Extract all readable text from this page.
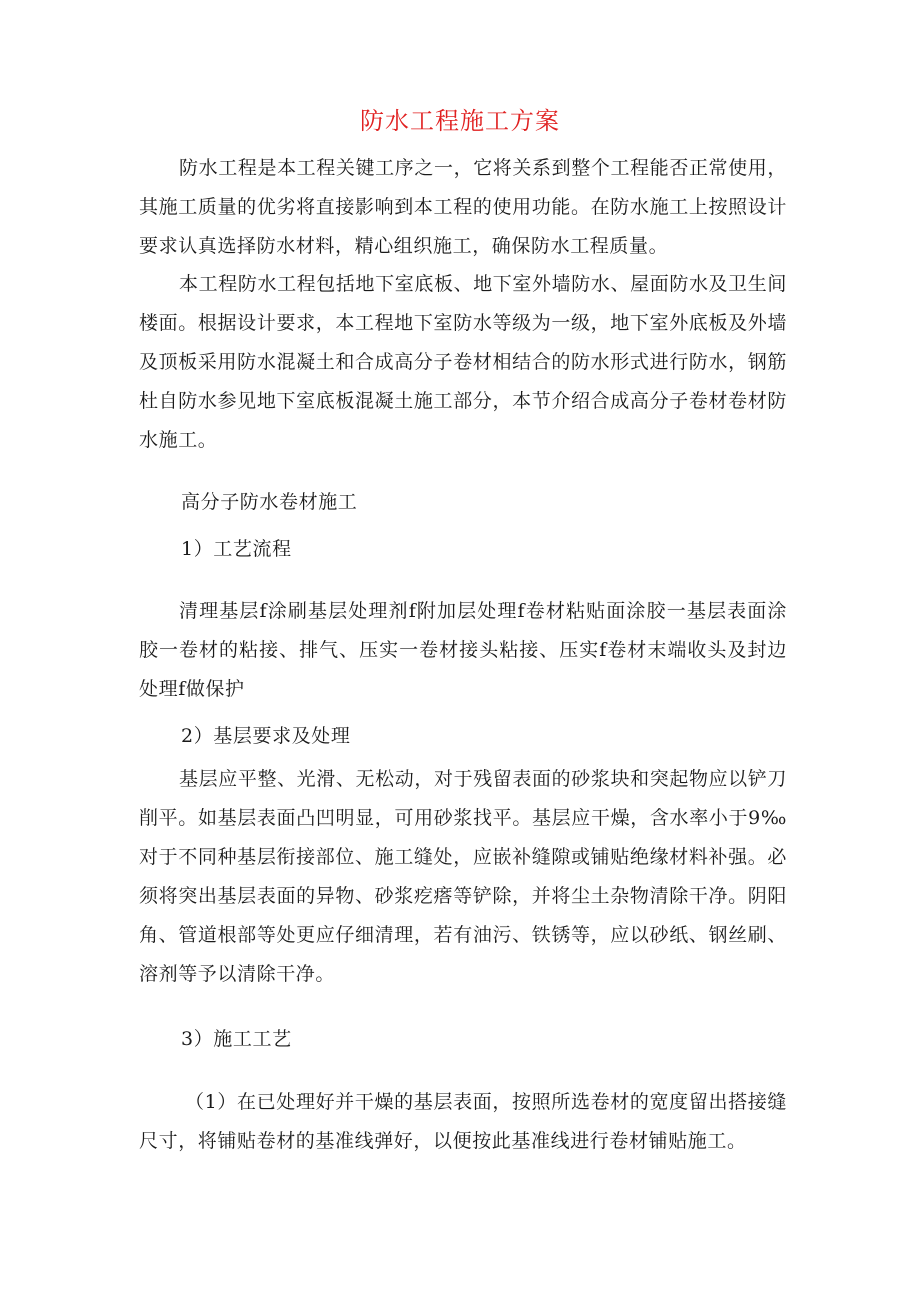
防水工程施工方案

防水工程是本工程关键工序之一，它将关系到整个工程能否正常使用，其施工质量的优劣将直接影响到本工程的使用功能。在防水施工上按照设计要求认真选择防水材料，精心组织施工，确保防水工程质量。

本工程防水工程包括地下室底板、地下室外墙防水、屋面防水及卫生间楼面。根据设计要求，本工程地下室防水等级为一级，地下室外底板及外墙及顶板采用防水混凝土和合成高分子卷材相结合的防水形式进行防水，钢筋杜自防水参见地下室底板混凝土施工部分，本节介绍合成高分子卷材卷材防水施工。

高分子防水卷材施工

1）工艺流程

清理基层f涂刷基层处理剂f附加层处理f卷材粘贴面涂胶一基层表面涂胶一卷材的粘接、排气、压实一卷材接头粘接、压实f卷材末端收头及封边处理f做保护

2）基层要求及处理

基层应平整、光滑、无松动，对于残留表面的砂浆块和突起物应以铲刀削平。如基层表面凸凹明显，可用砂浆找平。基层应干燥，含水率小于9‰对于不同种基层衔接部位、施工缝处，应嵌补缝隙或铺贴绝缘材料补强。必须将突出基层表面的异物、砂浆疙瘩等铲除，并将尘土杂物清除干净。阴阳角、管道根部等处更应仔细清理，若有油污、铁锈等，应以砂纸、钢丝刷、溶剂等予以清除干净。

3）施工工艺

（1）在已处理好并干燥的基层表面，按照所选卷材的宽度留出搭接缝尺寸，将铺贴卷材的基准线弹好，以便按此基准线进行卷材铺贴施工。
